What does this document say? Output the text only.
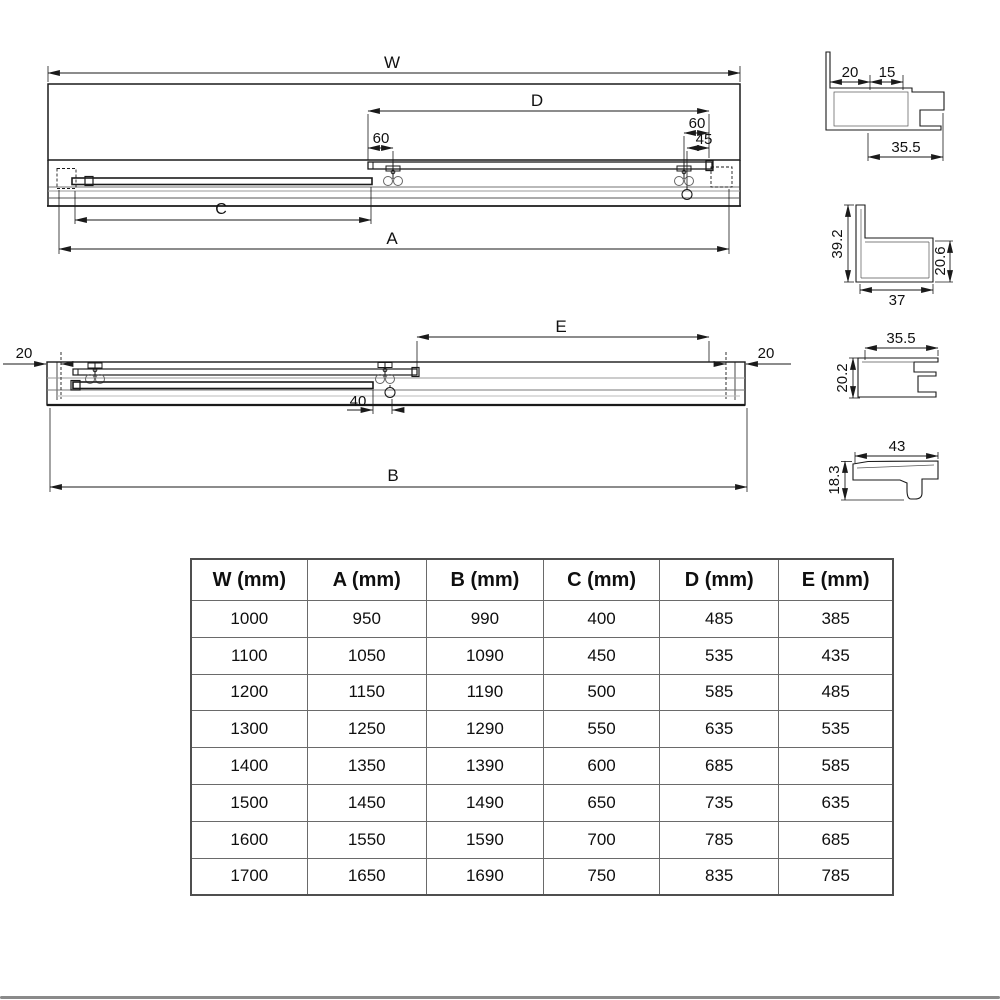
W
D
60
60
45
C
A
E
20	20
40
B
20 15
35.5
39.2
20.6
37
35.5
20.2
43
18.3
W (mm)	A (mm)	B (mm)	C (mm)	D (mm)	E (mm)
1000	950	990	400	485	385
1100	1050	1090	450	535	435
1200	1150	1190	500	585	485
1300	1250	1290	550	635	535
1400	1350	1390	600	685	585
1500	1450	1490	650	735	635
1600	1550	1590	700	785	685
1700	1650	1690	750	835	785
